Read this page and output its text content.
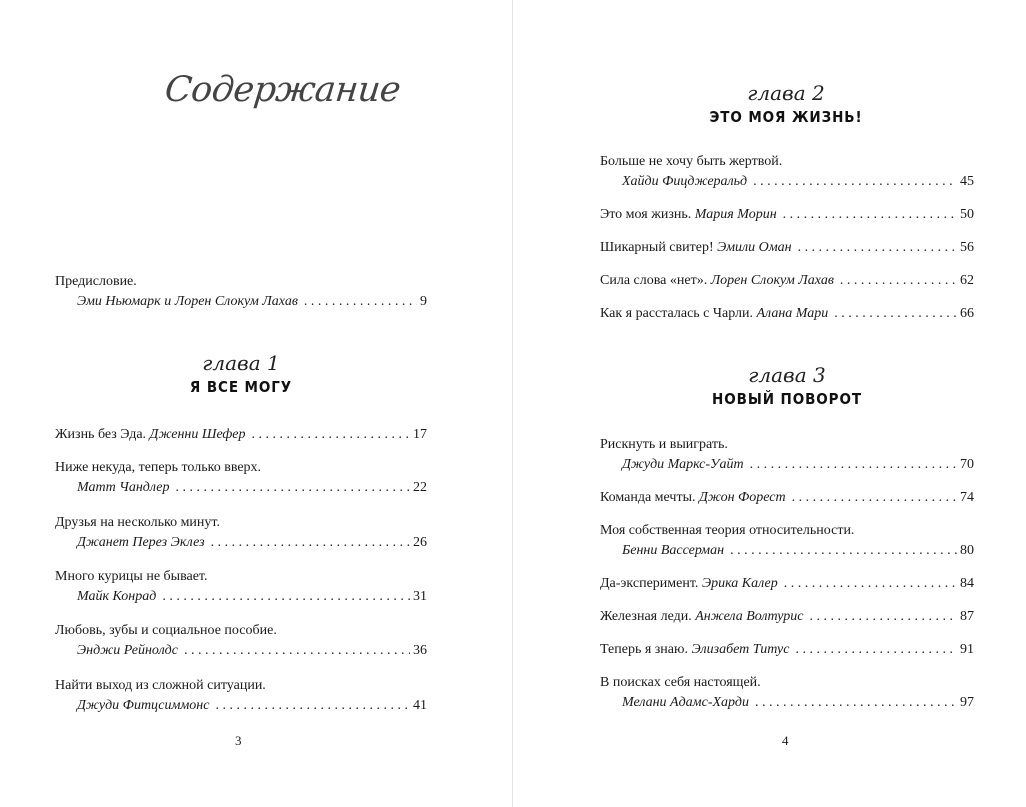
Содержание
Предисловие.
Эми Ньюмарк и Лорен Слокум Лахав . . .	9
глава 1
Я ВСЕ МОГУ
Жизнь без Эда.
Дженни Шефер . . .	17
Ниже некуда, теперь только вверх.
Матт Чандлер . . .	22
Друзья на несколько минут.
Джанет Перез Эклез . . .	26
Много курицы не бывает.
Майк Конрад . . .	31
Любовь, зубы и социальное пособие.
Энджи Рейнолдс . . .	36
Найти выход из сложной ситуации.
Джуди Фитцсиммонс . . .	41
3
глава 2
ЭТО МОЯ ЖИЗНЬ!
Больше не хочу быть жертвой.
Хайди Фицджеральд . . .	45
Это моя жизнь.
Мария Морин . . .	50
Шикарный свитер!
Эмили Оман . . .	56
Сила слова «нет».
Лорен Слокум Лахав . . .	62
Как я рассталась с Чарли.
Алана Мари . . .	66
глава 3
НОВЫЙ ПОВОРОТ
Рискнуть и выиграть.
Джуди Маркс-Уайт . . .	70
Команда мечты.
Джон Форест . . .	74
Моя собственная теория относительности.
Бенни Вассерман . . .	80
Да-эксперимент.
Эрика Калер . . .	84
Железная леди.
Анжела Волтурис . . .	87
Теперь я знаю.
Элизабет Титус . . .	91
В поисках себя настоящей.
Мелани Адамс-Харди . . .	97
4
